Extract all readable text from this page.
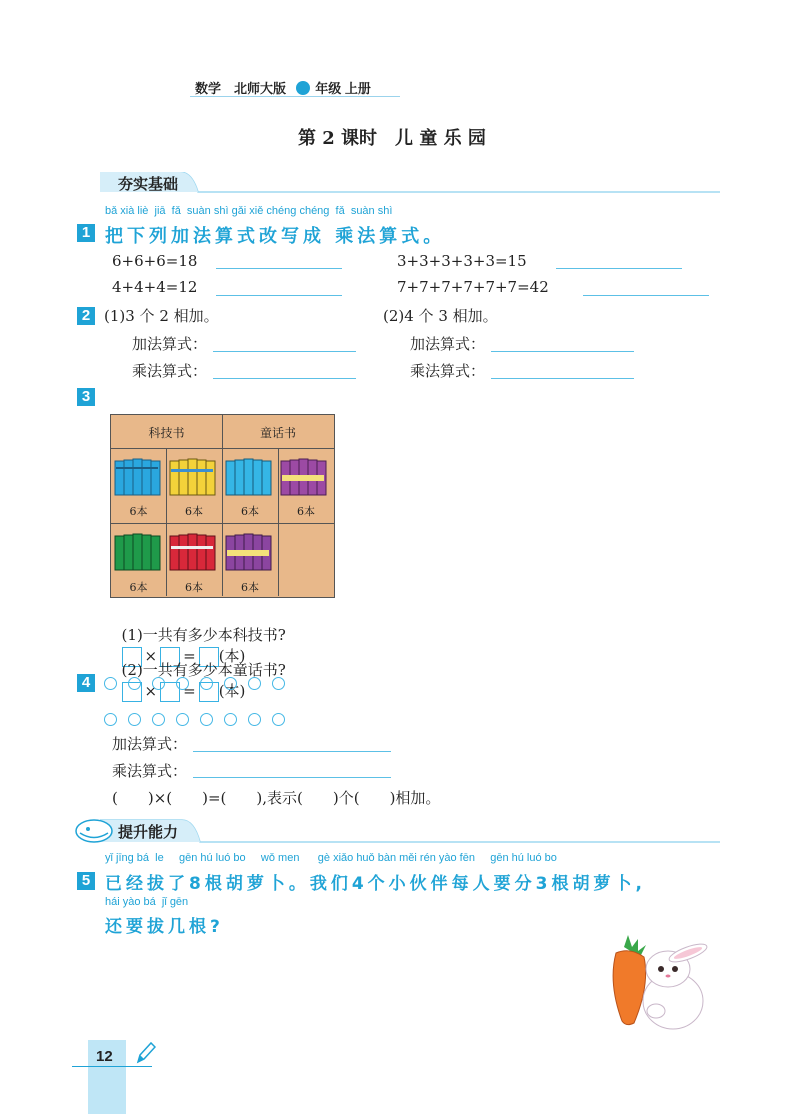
数学　北师大版 年级 上册
第 2 课时　儿 童 乐 园
夯实基础
bǎ xià liè  jiā  fǎ  suàn shì gǎi xiě chéng chéng  fǎ  suàn shì
1 把下列加法算式改写成 乘法算式。
6+6+6=18	3+3+3+3+3=15
4+4+4=12	7+7+7+7+7+7=42
2 (1)3 个 2 相加。	(2)4 个 3 相加。
加法算式：	加法算式：
乘法算式：	乘法算式：
3
科技书	童话书
6本	6本	6本	6本
6本	6本	6本

(1)一共有多少本科技书?
× = (本)

(2)一共有多少本童话书?
× = (本)

4
加法算式：
乘法算式：
(　　)×(　　)=(　　),表示(　　)个(　　)相加。
提升能力
yǐ jīng bá  le     gēn hú luó bo     wǒ men      gè xiǎo huǒ bàn měi rén yào fēn     gēn hú luó bo
5 已经拔了8根胡萝卜。我们4个小伙伴每人要分3根胡萝卜,
hái yào bá  jǐ gēn
还要拔几根?
12
